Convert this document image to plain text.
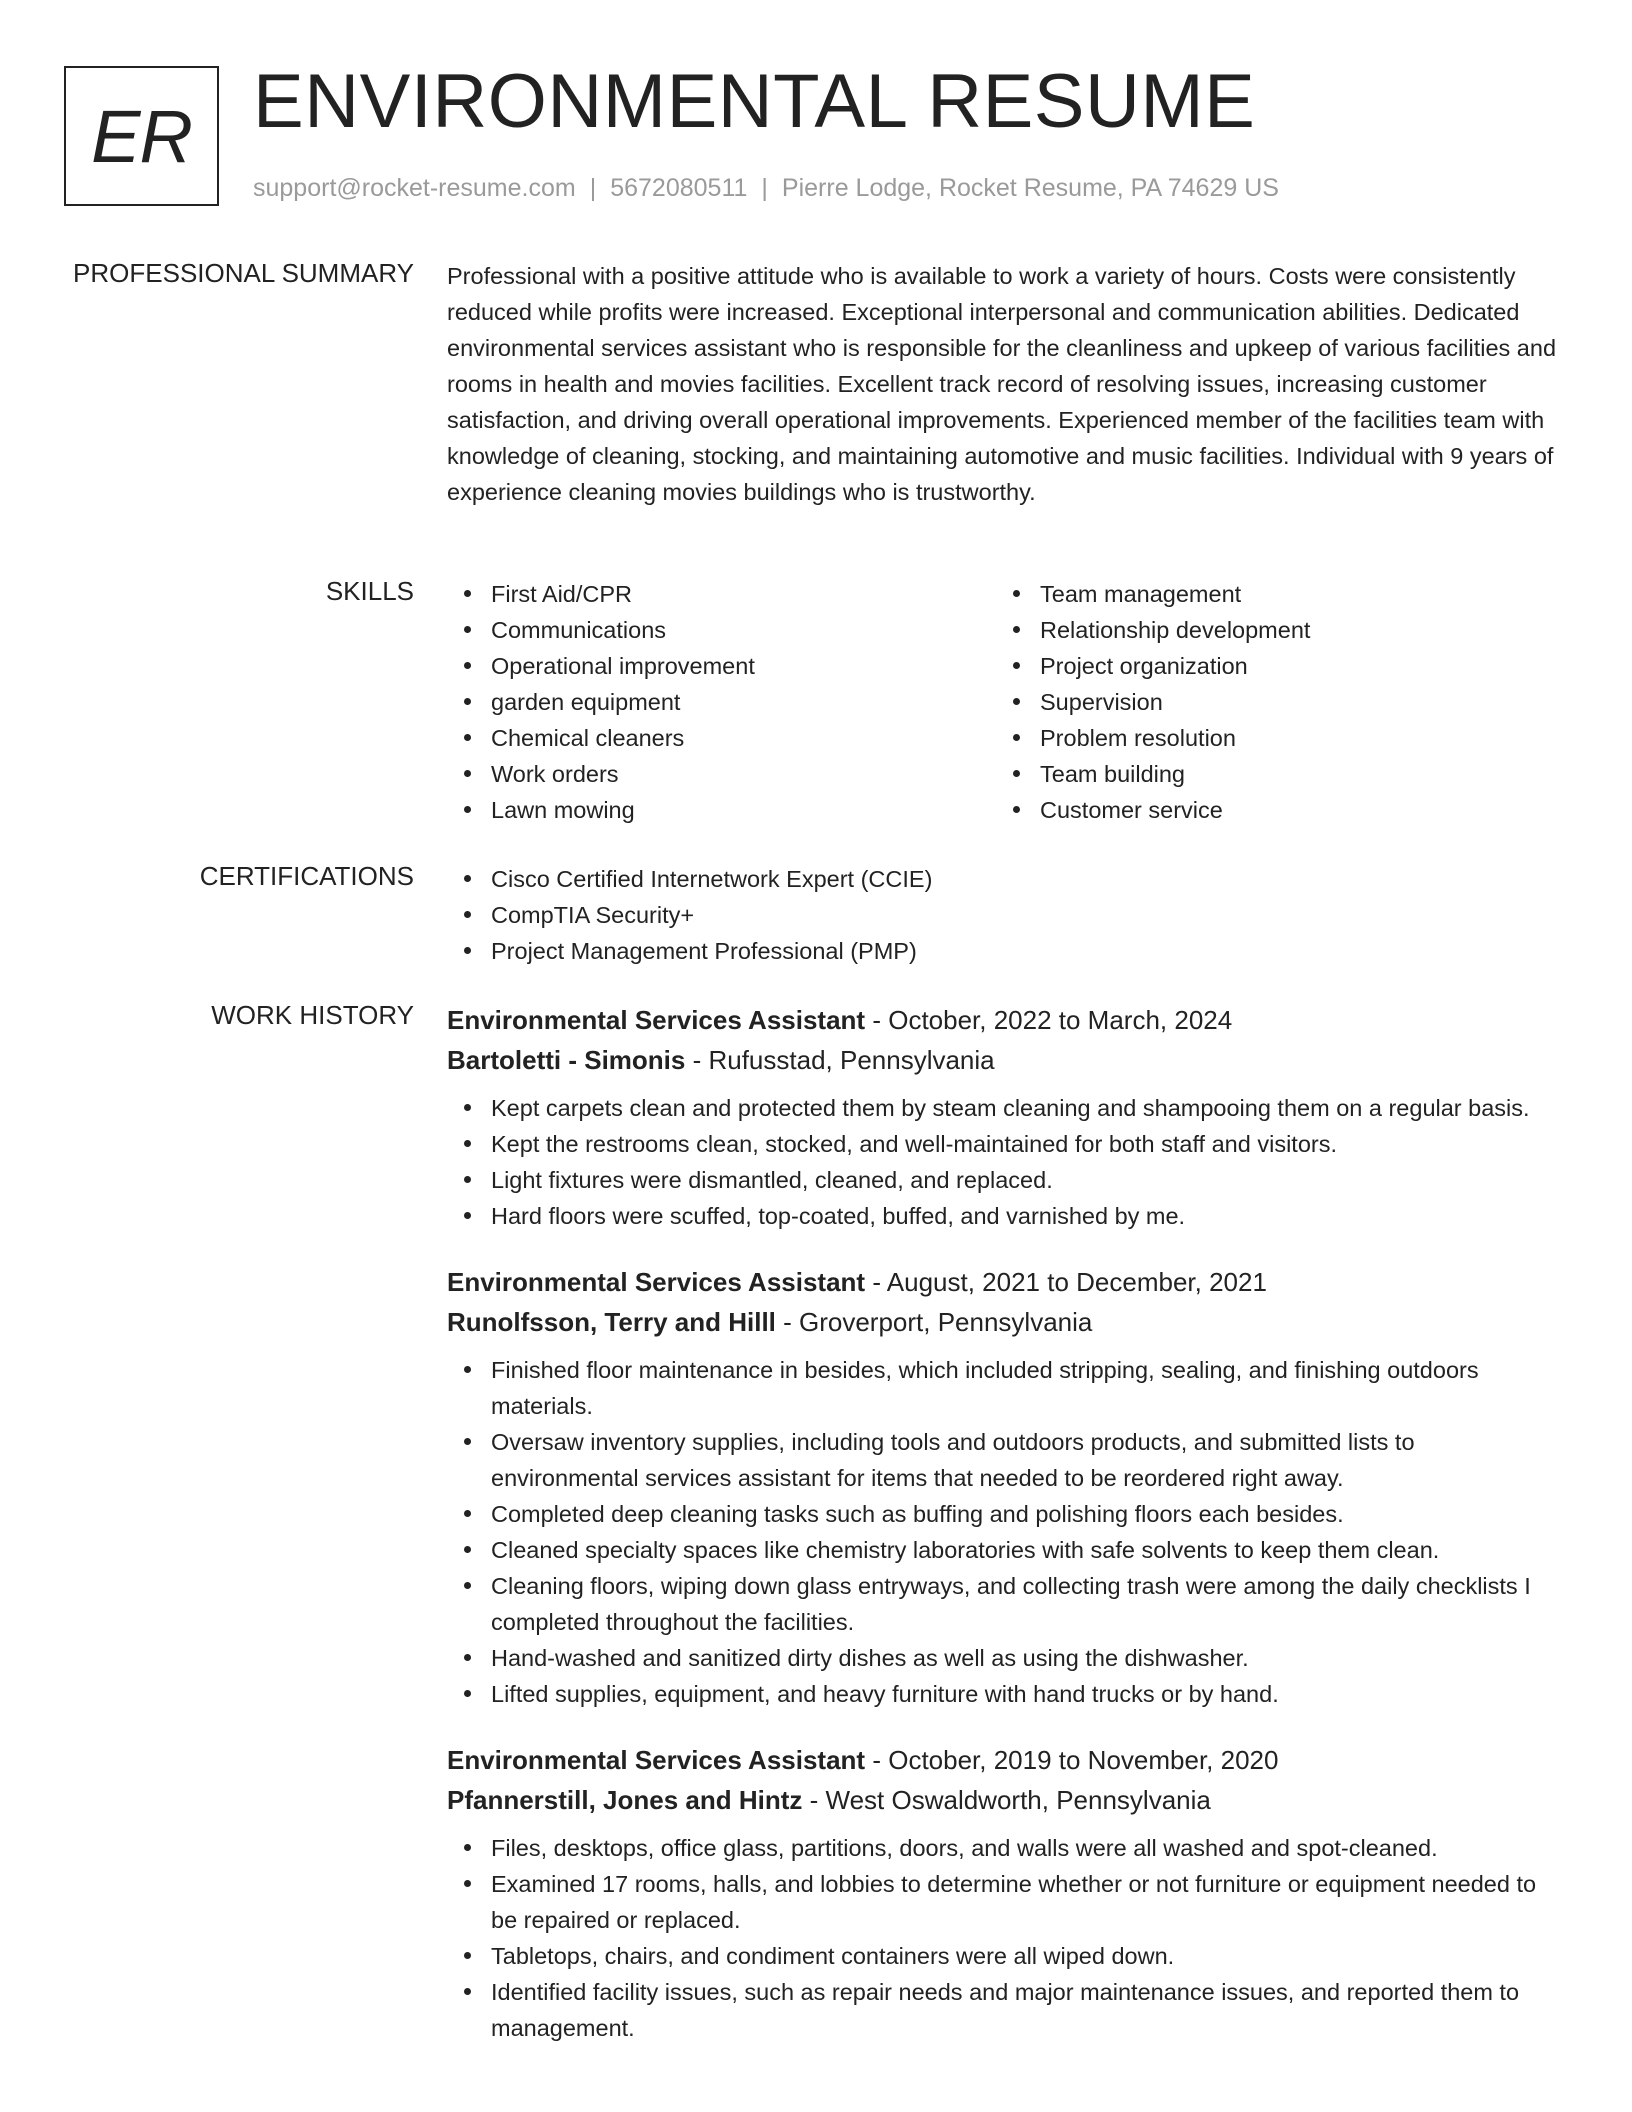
ER ENVIRONMENTAL RESUME
support@rocket-resume.com | 5672080511 | Pierre Lodge, Rocket Resume, PA 74629 US
PROFESSIONAL SUMMARY Professional with a positive attitude who is available to work a variety of hours. Costs were consistently reduced while profits were increased. Exceptional interpersonal and communication abilities. Dedicated environmental services assistant who is responsible for the cleanliness and upkeep of various facilities and rooms in health and movies facilities. Excellent track record of resolving issues, increasing customer satisfaction, and driving overall operational improvements. Experienced member of the facilities team with knowledge of cleaning, stocking, and maintaining automotive and music facilities. Individual with 9 years of experience cleaning movies buildings who is trustworthy.
SKILLS	First Aid/CPR
Communications
Operational improvement
garden equipment
Chemical cleaners
Work orders
Lawn mowing
Team management
Relationship development
Project organization
Supervision
Problem resolution
Team building
Customer service
CERTIFICATIONS	Cisco Certified Internetwork Expert (CCIE)
CompTIA Security+
Project Management Professional (PMP)
WORK HISTORY Environmental Services Assistant - October, 2022 to March, 2024
Bartoletti - Simonis - Rufusstad, Pennsylvania
Kept carpets clean and protected them by steam cleaning and shampooing them on a regular basis.
Kept the restrooms clean, stocked, and well-maintained for both staff and visitors.
Light fixtures were dismantled, cleaned, and replaced.
Hard floors were scuffed, top-coated, buffed, and varnished by me.
Environmental Services Assistant - August, 2021 to December, 2021
Runolfsson, Terry and Hilll - Groverport, Pennsylvania
Finished floor maintenance in besides, which included stripping, sealing, and finishing outdoors materials.
Oversaw inventory supplies, including tools and outdoors products, and submitted lists to environmental services assistant for items that needed to be reordered right away.
Completed deep cleaning tasks such as buffing and polishing floors each besides.
Cleaned specialty spaces like chemistry laboratories with safe solvents to keep them clean.
Cleaning floors, wiping down glass entryways, and collecting trash were among the daily checklists I completed throughout the facilities.
Hand-washed and sanitized dirty dishes as well as using the dishwasher.
Lifted supplies, equipment, and heavy furniture with hand trucks or by hand.
Environmental Services Assistant - October, 2019 to November, 2020
Pfannerstill, Jones and Hintz - West Oswaldworth, Pennsylvania
Files, desktops, office glass, partitions, doors, and walls were all washed and spot-cleaned.
Examined 17 rooms, halls, and lobbies to determine whether or not furniture or equipment needed to be repaired or replaced.
Tabletops, chairs, and condiment containers were all wiped down.
Identified facility issues, such as repair needs and major maintenance issues, and reported them to management.
